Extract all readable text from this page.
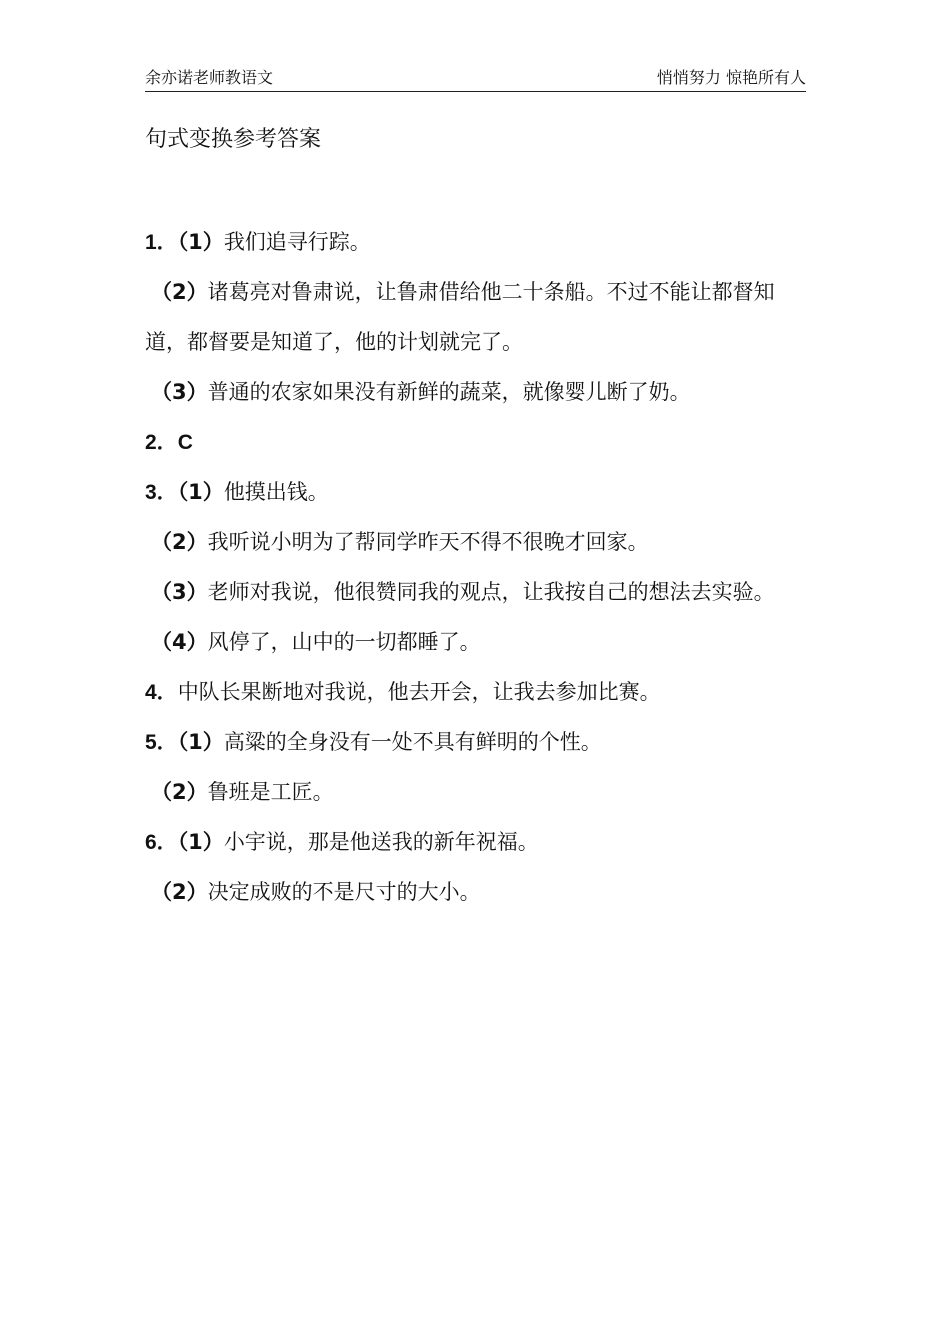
余亦诺老师教语文	悄悄努力 惊艳所有人
句式变换参考答案
1．（1）我们追寻行踪。
（2）诸葛亮对鲁肃说，让鲁肃借给他二十条船。不过不能让都督知道，都督要是知道了，他的计划就完了。
（3）普通的农家如果没有新鲜的蔬菜，就像婴儿断了奶。
2．C
3．（1）他摸出钱。
（2）我听说小明为了帮同学昨天不得不很晚才回家。
（3）老师对我说，他很赞同我的观点，让我按自己的想法去实验。
（4）风停了，山中的一切都睡了。
4．中队长果断地对我说，他去开会，让我去参加比赛。
5．（1）高粱的全身没有一处不具有鲜明的个性。
（2）鲁班是工匠。
6．（1）小宇说，那是他送我的新年祝福。
（2）决定成败的不是尺寸的大小。
